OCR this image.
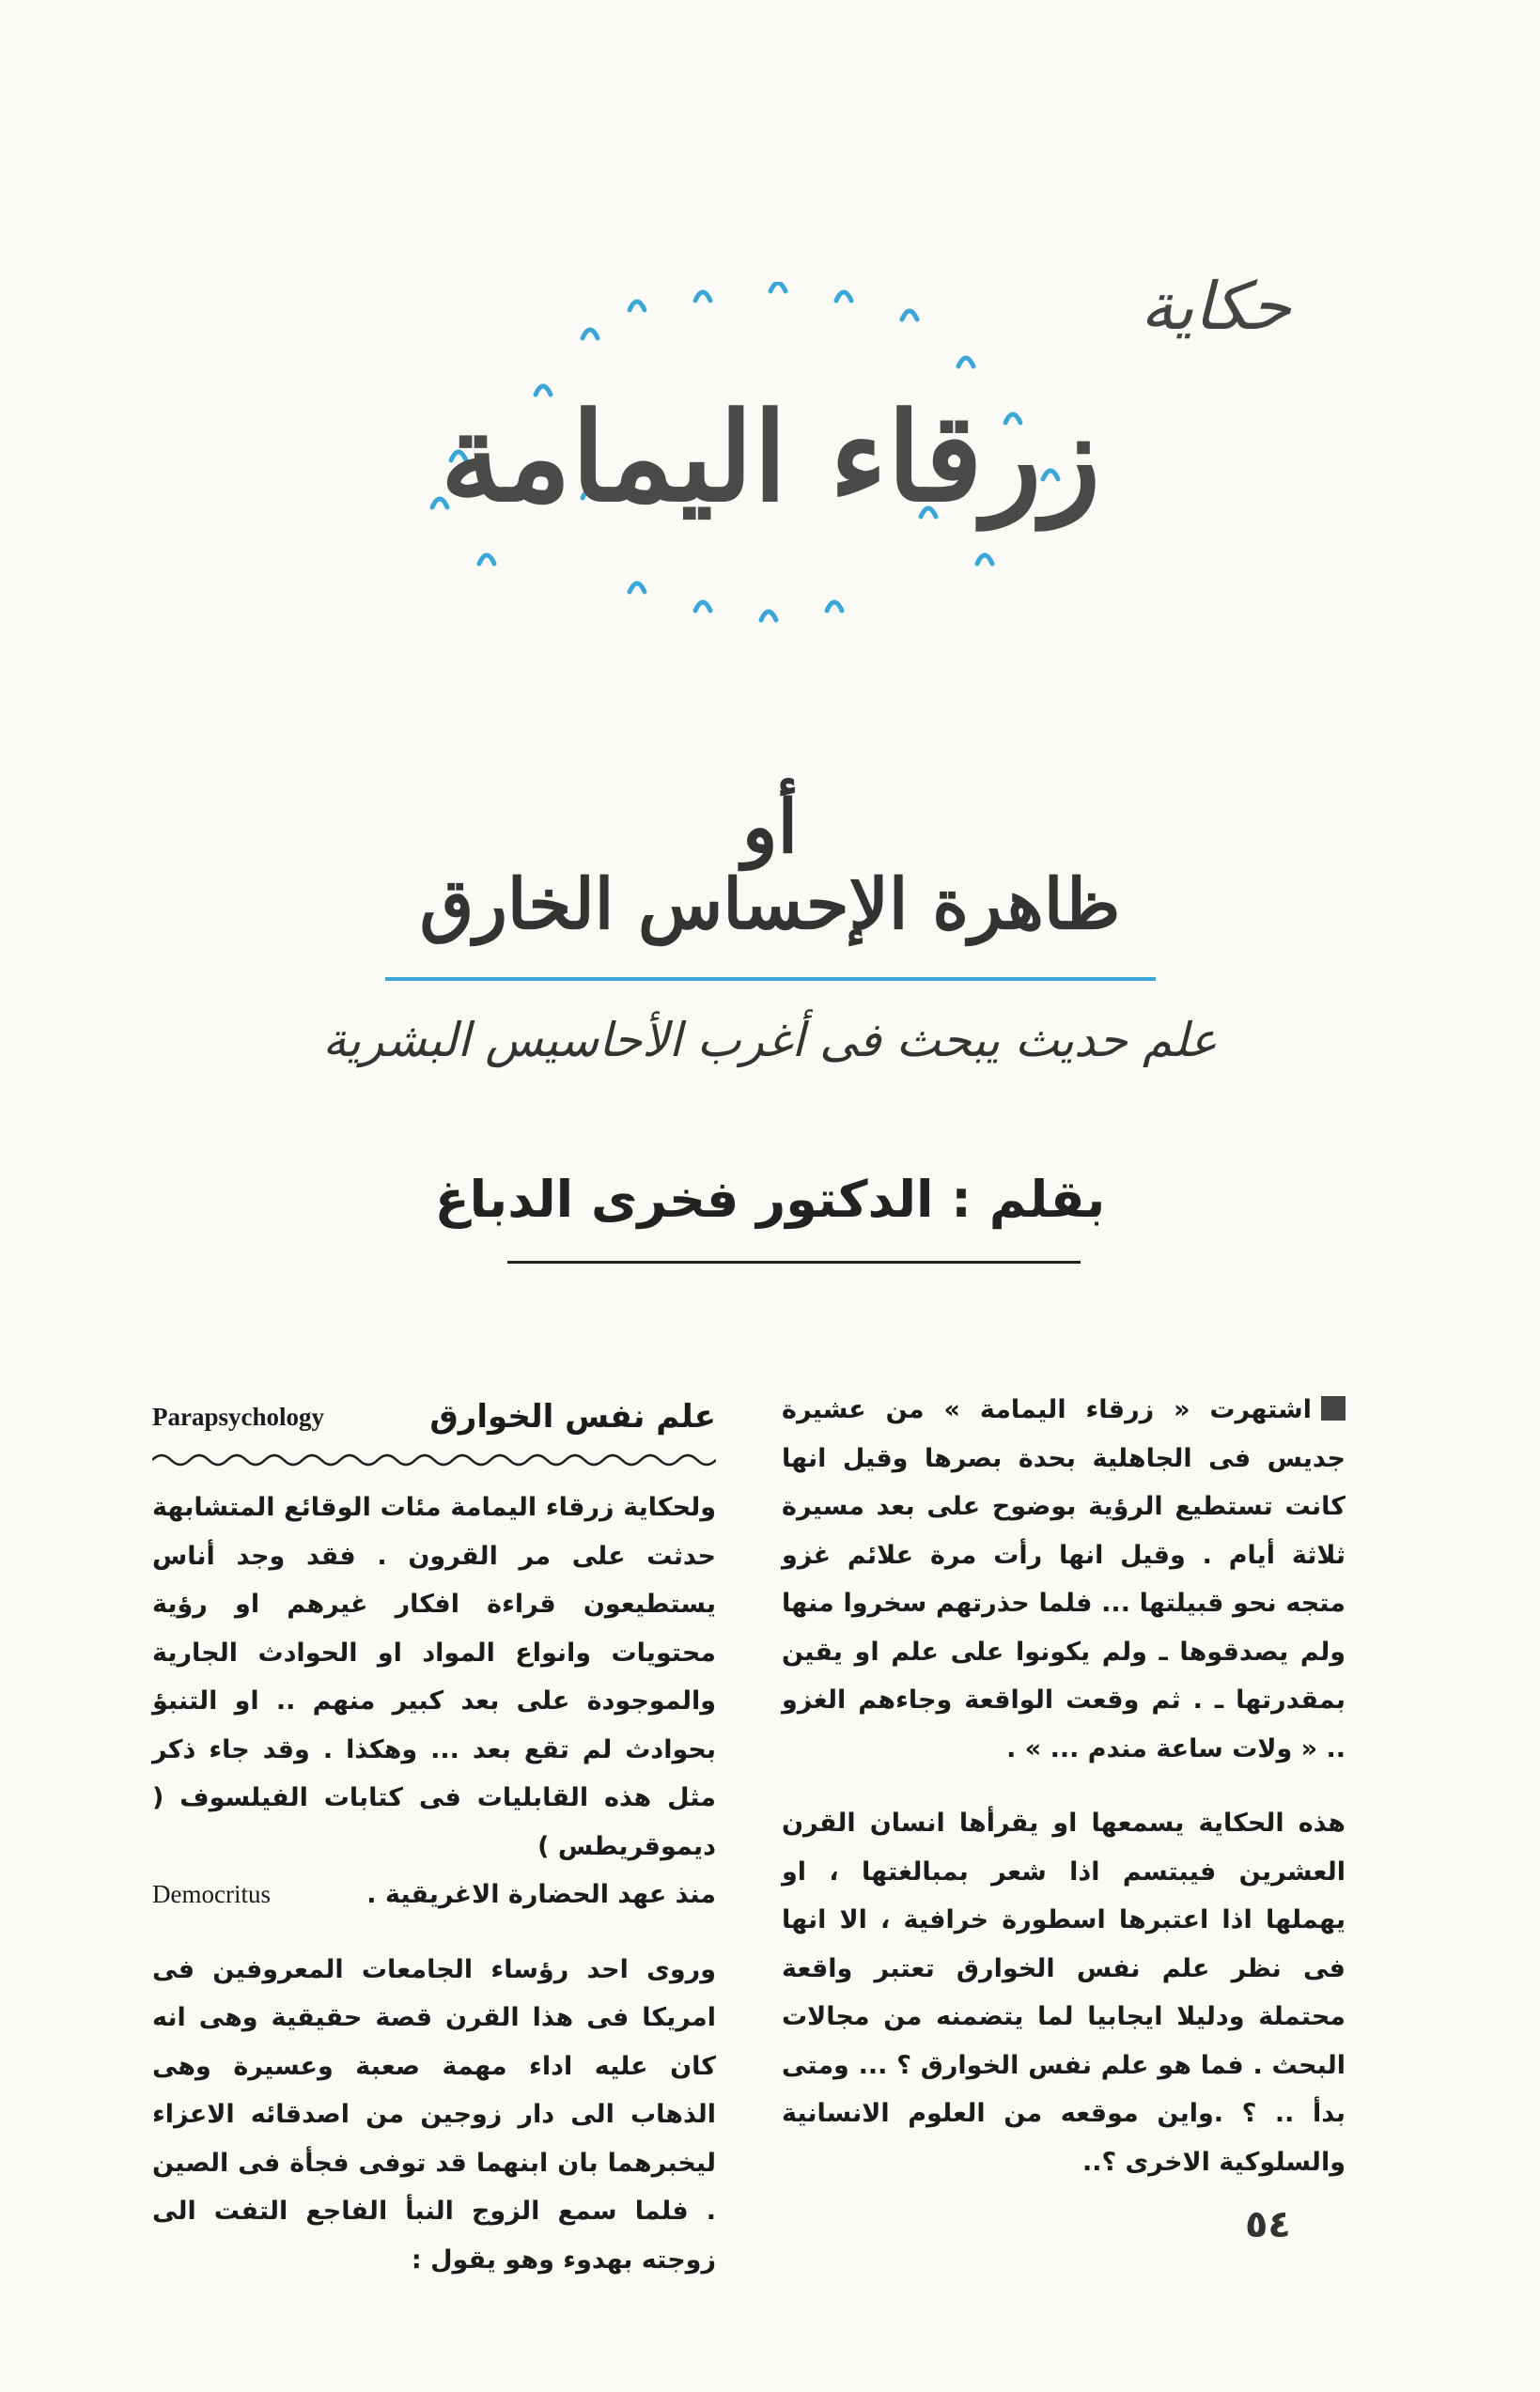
حكاية
زرقاء اليمامة
أو
ظاهرة الإحساس الخارق
علم حديث يبحث فى أغرب الأحاسيس البشرية
بقلم : الدكتور فخرى الدباغ

اشتهرت « زرقاء اليمامة » من عشيرة جديس فى الجاهلية بحدة بصرها وقيل انها كانت تستطيع الرؤية بوضوح على بعد مسيرة ثلاثة أيام . وقيل انها رأت مرة علائم غزو متجه نحو قبيلتها ... فلما حذرتهم سخروا منها ولم يصدقوها ـ ولم يكونوا على علم او يقين بمقدرتها ـ . ثم وقعت الواقعة وجاءهم الغزو .. « ولات ساعة مندم ... » .

هذه الحكاية يسمعها او يقرأها انسان القرن العشرين فيبتسم اذا شعر بمبالغتها ، او يهملها اذا اعتبرها اسطورة خرافية ، الا انها فى نظر علم نفس الخوارق تعتبر واقعة محتملة ودليلا ايجابيا لما يتضمنه من مجالات البحث . فما هو علم نفس الخوارق ؟ ... ومتى بدأ .. ؟ .واين موقعه من العلوم الانسانية والسلوكية الاخرى ؟..

علم نفس الخوارق
Parapsychology

ولحكاية زرقاء اليمامة مئات الوقائع المتشابهة حدثت على مر القرون . فقد وجد أناس يستطيعون قراءة افكار غيرهم او رؤية محتويات وانواع المواد او الحوادث الجارية والموجودة على بعد كبير منهم .. او التنبؤ بحوادث لم تقع بعد ... وهكذا . وقد جاء ذكر مثل هذه القابليات فى كتابات الفيلسوف ( ديموقريطس )

منذ عهد الحضارة الاغريقية .
Democritus

وروى احد رؤساء الجامعات المعروفين فى امريكا فى هذا القرن قصة حقيقية وهى انه كان عليه اداء مهمة صعبة وعسيرة وهى الذهاب الى دار زوجين من اصدقائه الاعزاء ليخبرهما بان ابنهما قد توفى فجأة فى الصين . فلما سمع الزوج النبأ الفاجع التفت الى زوجته بهدوء وهو يقول :

٥٤
